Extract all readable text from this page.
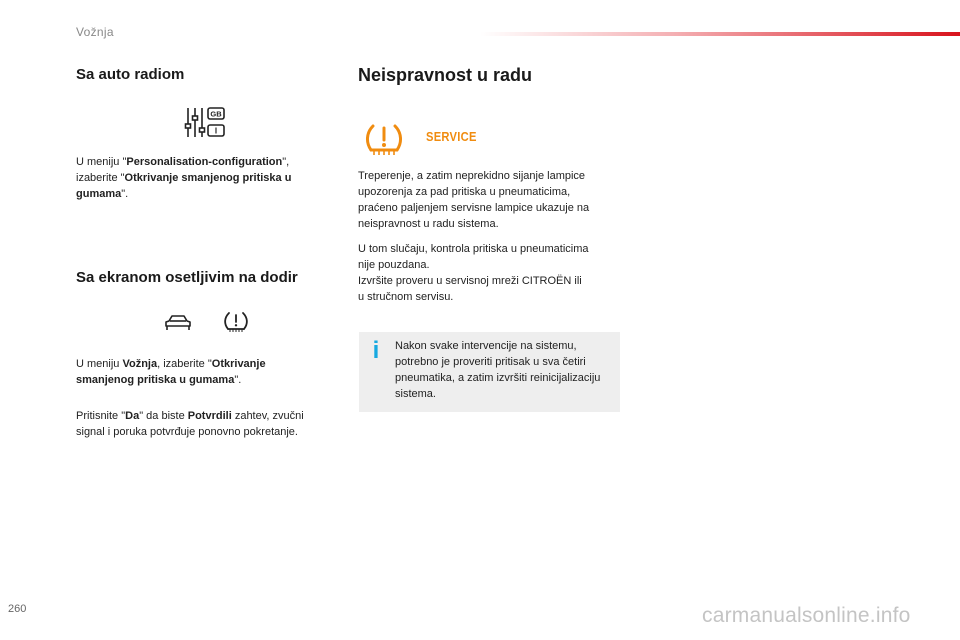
Vožnja
Sa auto radiom
GB
I

U meniju "Personalisation-configuration",
izaberite "Otkrivanje smanjenog pritiska u
gumama".

Sa ekranom osetljivim na dodir

U meniju Vožnja, izaberite "Otkrivanje
smanjenog pritiska u gumama".

Pritisnite "Da" da biste Potvrdili zahtev, zvučni
signal i poruka potvrđuje ponovno pokretanje.

Neispravnost u radu
SERVICE

Treperenje, a zatim neprekidno sijanje lampice
upozorenja za pad pritiska u pneumaticima,
praćeno paljenjem servisne lampice ukazuje na
neispravnost u radu sistema.

U tom slučaju, kontrola pritiska u pneumaticima
nije pouzdana.
Izvršite proveru u servisnoj mreži CITROËN ili
u stručnom servisu.

i	Nakon svake intervencije na sistemu, potrebno je proveriti pritisak u sva četiri pneumatika, a zatim izvršiti reinicijalizaciju sistema.
260	carmanualsonline.info
